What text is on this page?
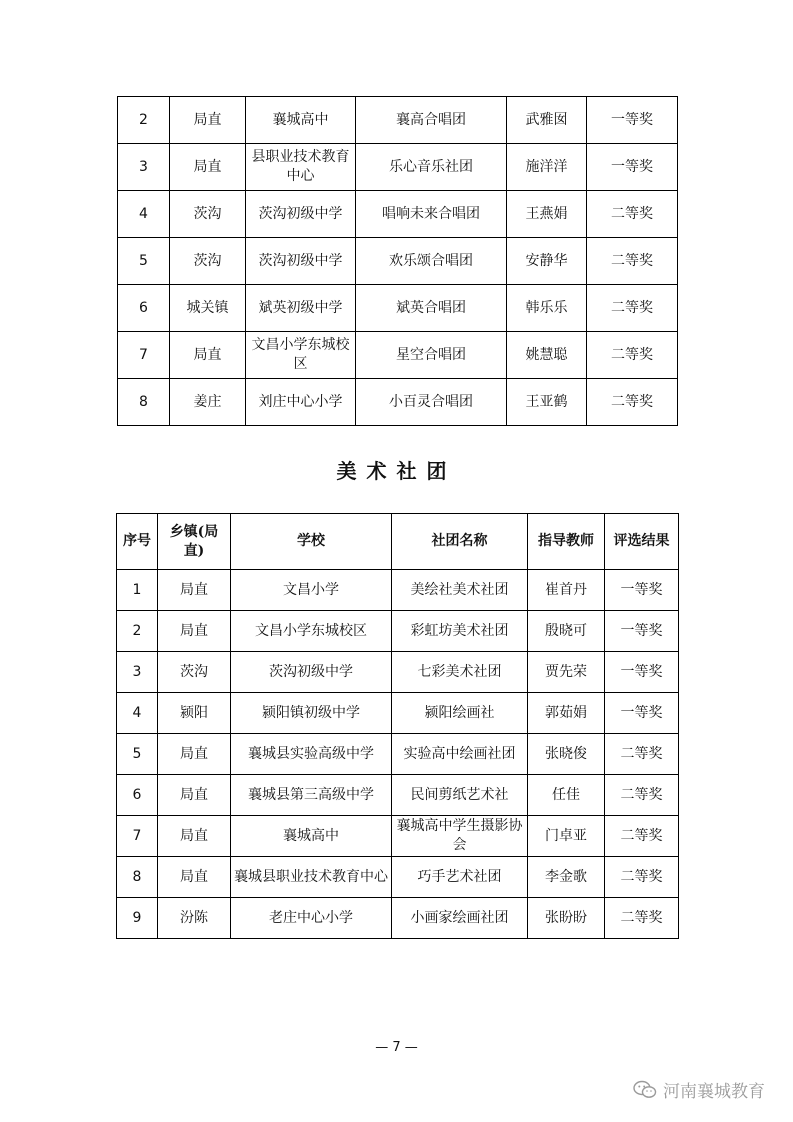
2	局直	襄城高中	襄高合唱团	武雅囡	一等奖
3	局直	县职业技术教育中心	乐心音乐社团	施洋洋	一等奖
4	茨沟	茨沟初级中学	唱响未来合唱团	王燕娟	二等奖
5	茨沟	茨沟初级中学	欢乐颂合唱团	安静华	二等奖
6	城关镇	斌英初级中学	斌英合唱团	韩乐乐	二等奖
7	局直	文昌小学东城校区	星空合唱团	姚慧聪	二等奖
8	姜庄	刘庄中心小学	小百灵合唱团	王亚鹤	二等奖
美术社团
序号	乡镇(局直)	学校	社团名称	指导教师	评选结果
1	局直	文昌小学	美绘社美术社团	崔首丹	一等奖
2	局直	文昌小学东城校区	彩虹坊美术社团	殷晓可	一等奖
3	茨沟	茨沟初级中学	七彩美术社团	贾先荣	一等奖
4	颍阳	颍阳镇初级中学	颍阳绘画社	郭茹娟	一等奖
5	局直	襄城县实验高级中学	实验高中绘画社团	张晓俊	二等奖
6	局直	襄城县第三高级中学	民间剪纸艺术社	任佳	二等奖
7	局直	襄城高中	襄城高中学生摄影协会	门卓亚	二等奖
8	局直	襄城县职业技术教育中心	巧手艺术社团	李金歌	二等奖
9	汾陈	老庄中心小学	小画家绘画社团	张盼盼	二等奖
— 7 —
河南襄城教育
